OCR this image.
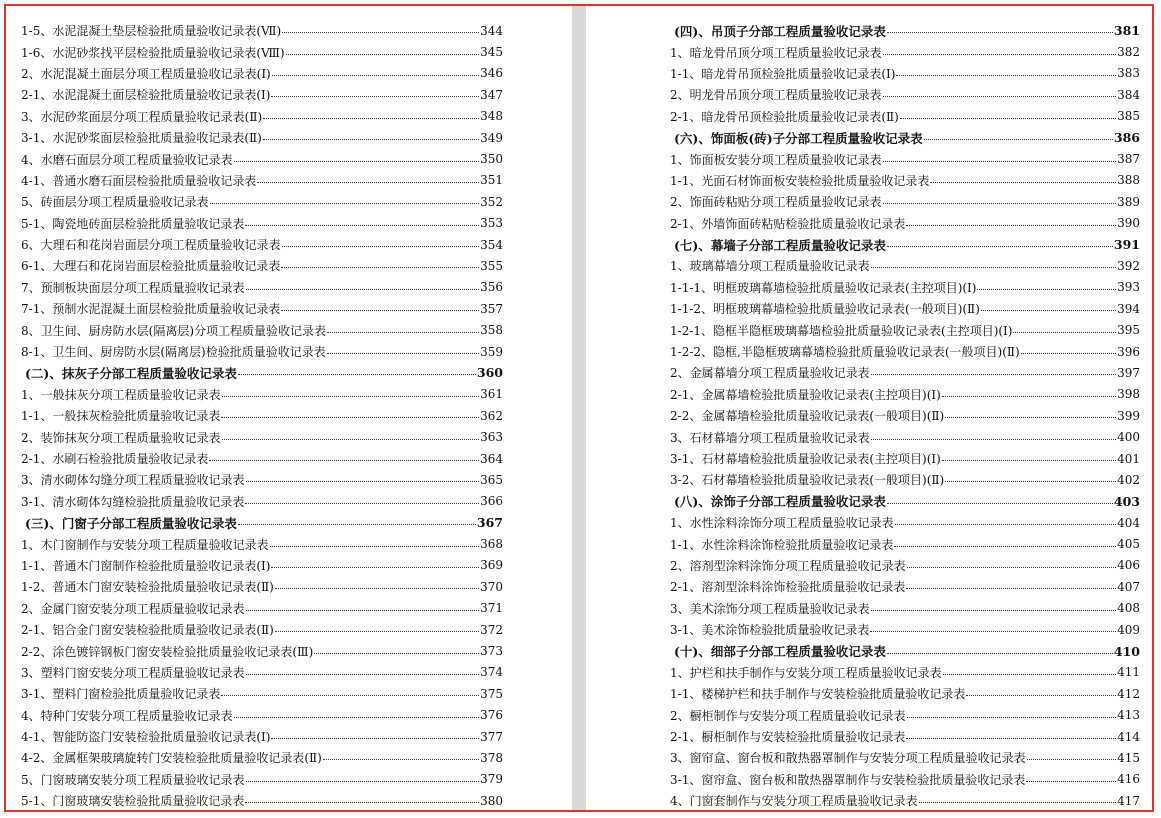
1-5、水泥混凝土垫层检验批质量验收记录表(Ⅶ)	344
1-6、水泥砂浆找平层检验批质量验收记录表(Ⅷ)	345
2、水泥混凝土面层分项工程质量验收记录表(Ⅰ)	346
2-1、水泥混凝土面层检验批质量验收记录表(Ⅰ)	347
3、水泥砂浆面层分项工程质量验收记录表(Ⅱ)	348
3-1、水泥砂浆面层检验批质量验收记录表(Ⅱ)	349
4、水磨石面层分项工程质量验收记录表	350
4-1、普通水磨石面层检验批质量验收记录表	351
5、砖面层分项工程质量验收记录表	352
5-1、陶瓷地砖面层检验批质量验收记录表	353
6、大理石和花岗岩面层分项工程质量验收记录表	354
6-1、大理石和花岗岩面层检验批质量验收记录表	355
7、预制板块面层分项工程质量验收记录表	356
7-1、预制水泥混凝土面层检验批质量验收记录表	357
8、卫生间、厨房防水层(隔离层)分项工程质量验收记录表	358
8-1、卫生间、厨房防水层(隔离层)检验批质量验收记录表	359
(二)、抹灰子分部工程质量验收记录表	360
1、一般抹灰分项工程质量验收记录表	361
1-1、一般抹灰检验批质量验收记录表	362
2、装饰抹灰分项工程质量验收记录表	363
2-1、水刷石检验批质量验收记录表	364
3、清水砌体勾缝分项工程质量验收记录表	365
3-1、清水砌体勾缝检验批质量验收记录表	366
(三)、门窗子分部工程质量验收记录表	367
1、木门窗制作与安装分项工程质量验收记录表	368
1-1、普通木门窗制作检验批质量验收记录表(Ⅰ)	369
1-2、普通木门窗安装检验批质量验收记录表(Ⅱ)	370
2、金属门窗安装分项工程质量验收记录表	371
2-1、铝合金门窗安装检验批质量验收记录表(Ⅱ)	372
2-2、涂色镀锌钢板门窗安装检验批质量验收记录表(Ⅲ)	373
3、塑料门窗安装分项工程质量验收记录表	374
3-1、塑料门窗检验批质量验收记录表	375
4、特种门安装分项工程质量验收记录表	376
4-1、智能防盗门安装检验批质量验收记录表(Ⅰ)	377
4-2、金属框架玻璃旋转门安装检验批质量验收记录表(Ⅱ)	378
5、门窗玻璃安装分项工程质量验收记录表	379
5-1、门窗玻璃安装检验批质量验收记录表	380
(四)、吊顶子分部工程质量验收记录表	381
1、暗龙骨吊顶分项工程质量验收记录表	382
1-1、暗龙骨吊顶检验批质量验收记录表(Ⅰ)	383
2、明龙骨吊顶分项工程质量验收记录表	384
2-1、暗龙骨吊顶检验批质量验收记录表(Ⅱ)	385
(六)、饰面板(砖)子分部工程质量验收记录表	386
1、饰面板安装分项工程质量验收记录表	387
1-1、光面石材饰面板安装检验批质量验收记录表	388
2、饰面砖粘贴分项工程质量验收记录表	389
2-1、外墙饰面砖粘贴检验批质量验收记录表	390
(七)、幕墙子分部工程质量验收记录表	391
1、玻璃幕墙分项工程质量验收记录表	392
1-1-1、明框玻璃幕墙检验批质量验收记录表(主控项目)(Ⅰ)	393
1-1-2、明框玻璃幕墙检验批质量验收记录表(一般项目)(Ⅱ)	394
1-2-1、隐框半隐框玻璃幕墙检验批质量验收记录表(主控项目)(Ⅰ)	395
1-2-2、隐框,半隐框玻璃幕墙检验批质量验收记录表(一般项目)(Ⅱ)	396
2、金属幕墙分项工程质量验收记录表	397
2-1、金属幕墙检验批质量验收记录表(主控项目)(Ⅰ)	398
2-2、金属幕墙检验批质量验收记录表(一般项目)(Ⅱ)	399
3、石材幕墙分项工程质量验收记录表	400
3-1、石材幕墙检验批质量验收记录表(主控项目)(Ⅰ)	401
3-2、石材幕墙检验批质量验收记录表(一般项目)(Ⅱ)	402
(八)、涂饰子分部工程质量验收记录表	403
1、水性涂料涂饰分项工程质量验收记录表	404
1-1、水性涂料涂饰检验批质量验收记录表	405
2、溶剂型涂料涂饰分项工程质量验收记录表	406
2-1、溶剂型涂料涂饰检验批质量验收记录表	407
3、美术涂饰分项工程质量验收记录表	408
3-1、美术涂饰检验批质量验收记录表	409
(十)、细部子分部工程质量验收记录表	410
1、护栏和扶手制作与安装分项工程质量验收记录表	411
1-1、楼梯护栏和扶手制作与安装检验批质量验收记录表	412
2、橱柜制作与安装分项工程质量验收记录表	413
2-1、橱柜制作与安装检验批质量验收记录表	414
3、窗帘盒、窗台板和散热器罩制作与安装分项工程质量验收记录表	415
3-1、窗帘盒、窗台板和散热器罩制作与安装检验批质量验收记录表	416
4、门窗套制作与安装分项工程质量验收记录表	417
